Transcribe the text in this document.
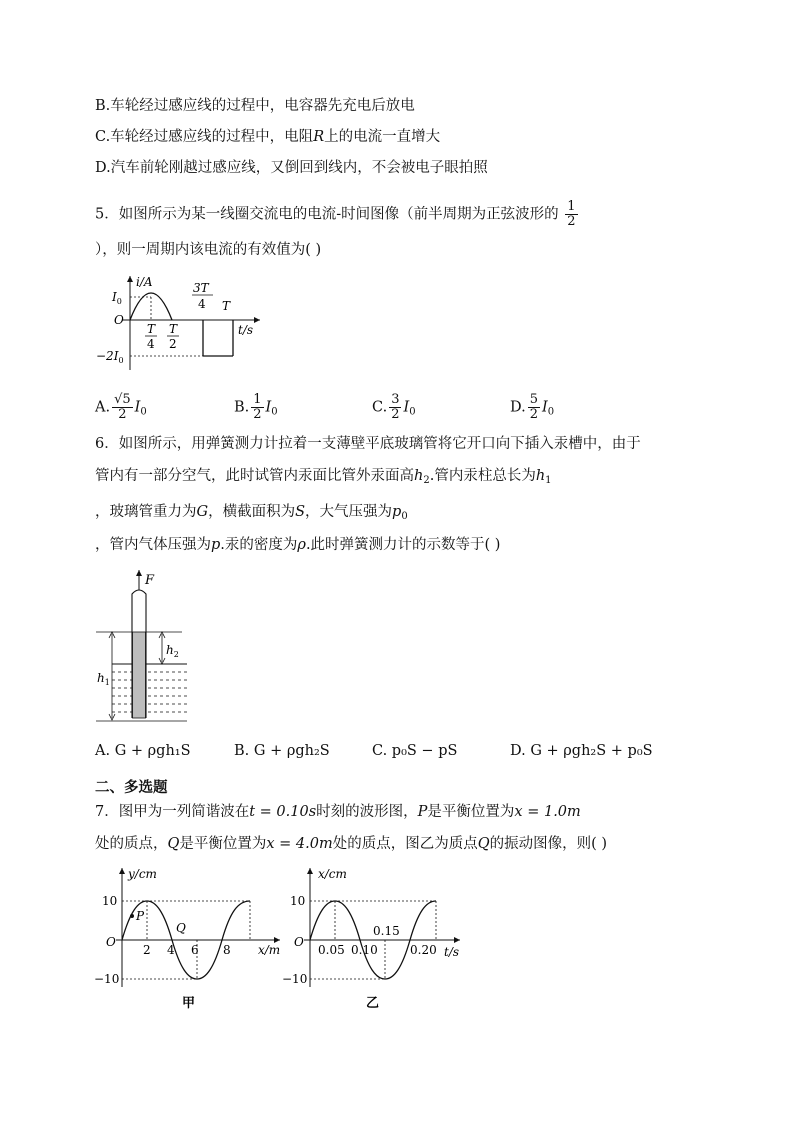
B.车轮经过感应线的过程中，电容器先充电后放电
C.车轮经过感应线的过程中，电阻R上的电流一直增大
D.汽车前轮刚越过感应线，又倒回到线内，不会被电子眼拍照
5．如图所示为某一线圈交流电的电流-时间图像（前半周期为正弦波形的 $\frac{1}{2}$
），则一周期内该电流的有效值为( )
i/A
t/s
O
$I_0$
$-2I_0$
T
4
T
2
3T
4 T
A. $\frac{√5}{2} I_0$	B. $\frac{1}{2} I_0$	C. $\frac{3}{2} I_0$	D. $\frac{5}{2} I_0$
6．如图所示，用弹簧测力计拉着一支薄壁平底玻璃管将它开口向下插入汞槽中，由于
管内有一部分空气，此时试管内汞面比管外汞面高$h_2$.管内汞柱总长为$h_1$
，玻璃管重力为G，横截面积为S，大气压强为$p_0$
，管内气体压强为p.汞的密度为ρ.此时弹簧测力计的示数等于( )
F
$h_2$
$h_1$
A. G + ρgh₁S	B. G + ρgh₂S	C. p₀S − pS	D. G + ρgh₂S + p₀S
二、多选题
7．图甲为一列简谐波在t = 0.10s时刻的波形图，P是平衡位置为x = 1.0m
处的质点，Q是平衡位置为x = 4.0m处的质点，图乙为质点Q的振动图像，则( )
y/cm
x/m
O
10
−10
2 4 6 8
P
Q
甲
x/cm
t/s
O
10
−10
0.05 0.10
0.15
0.20
乙
